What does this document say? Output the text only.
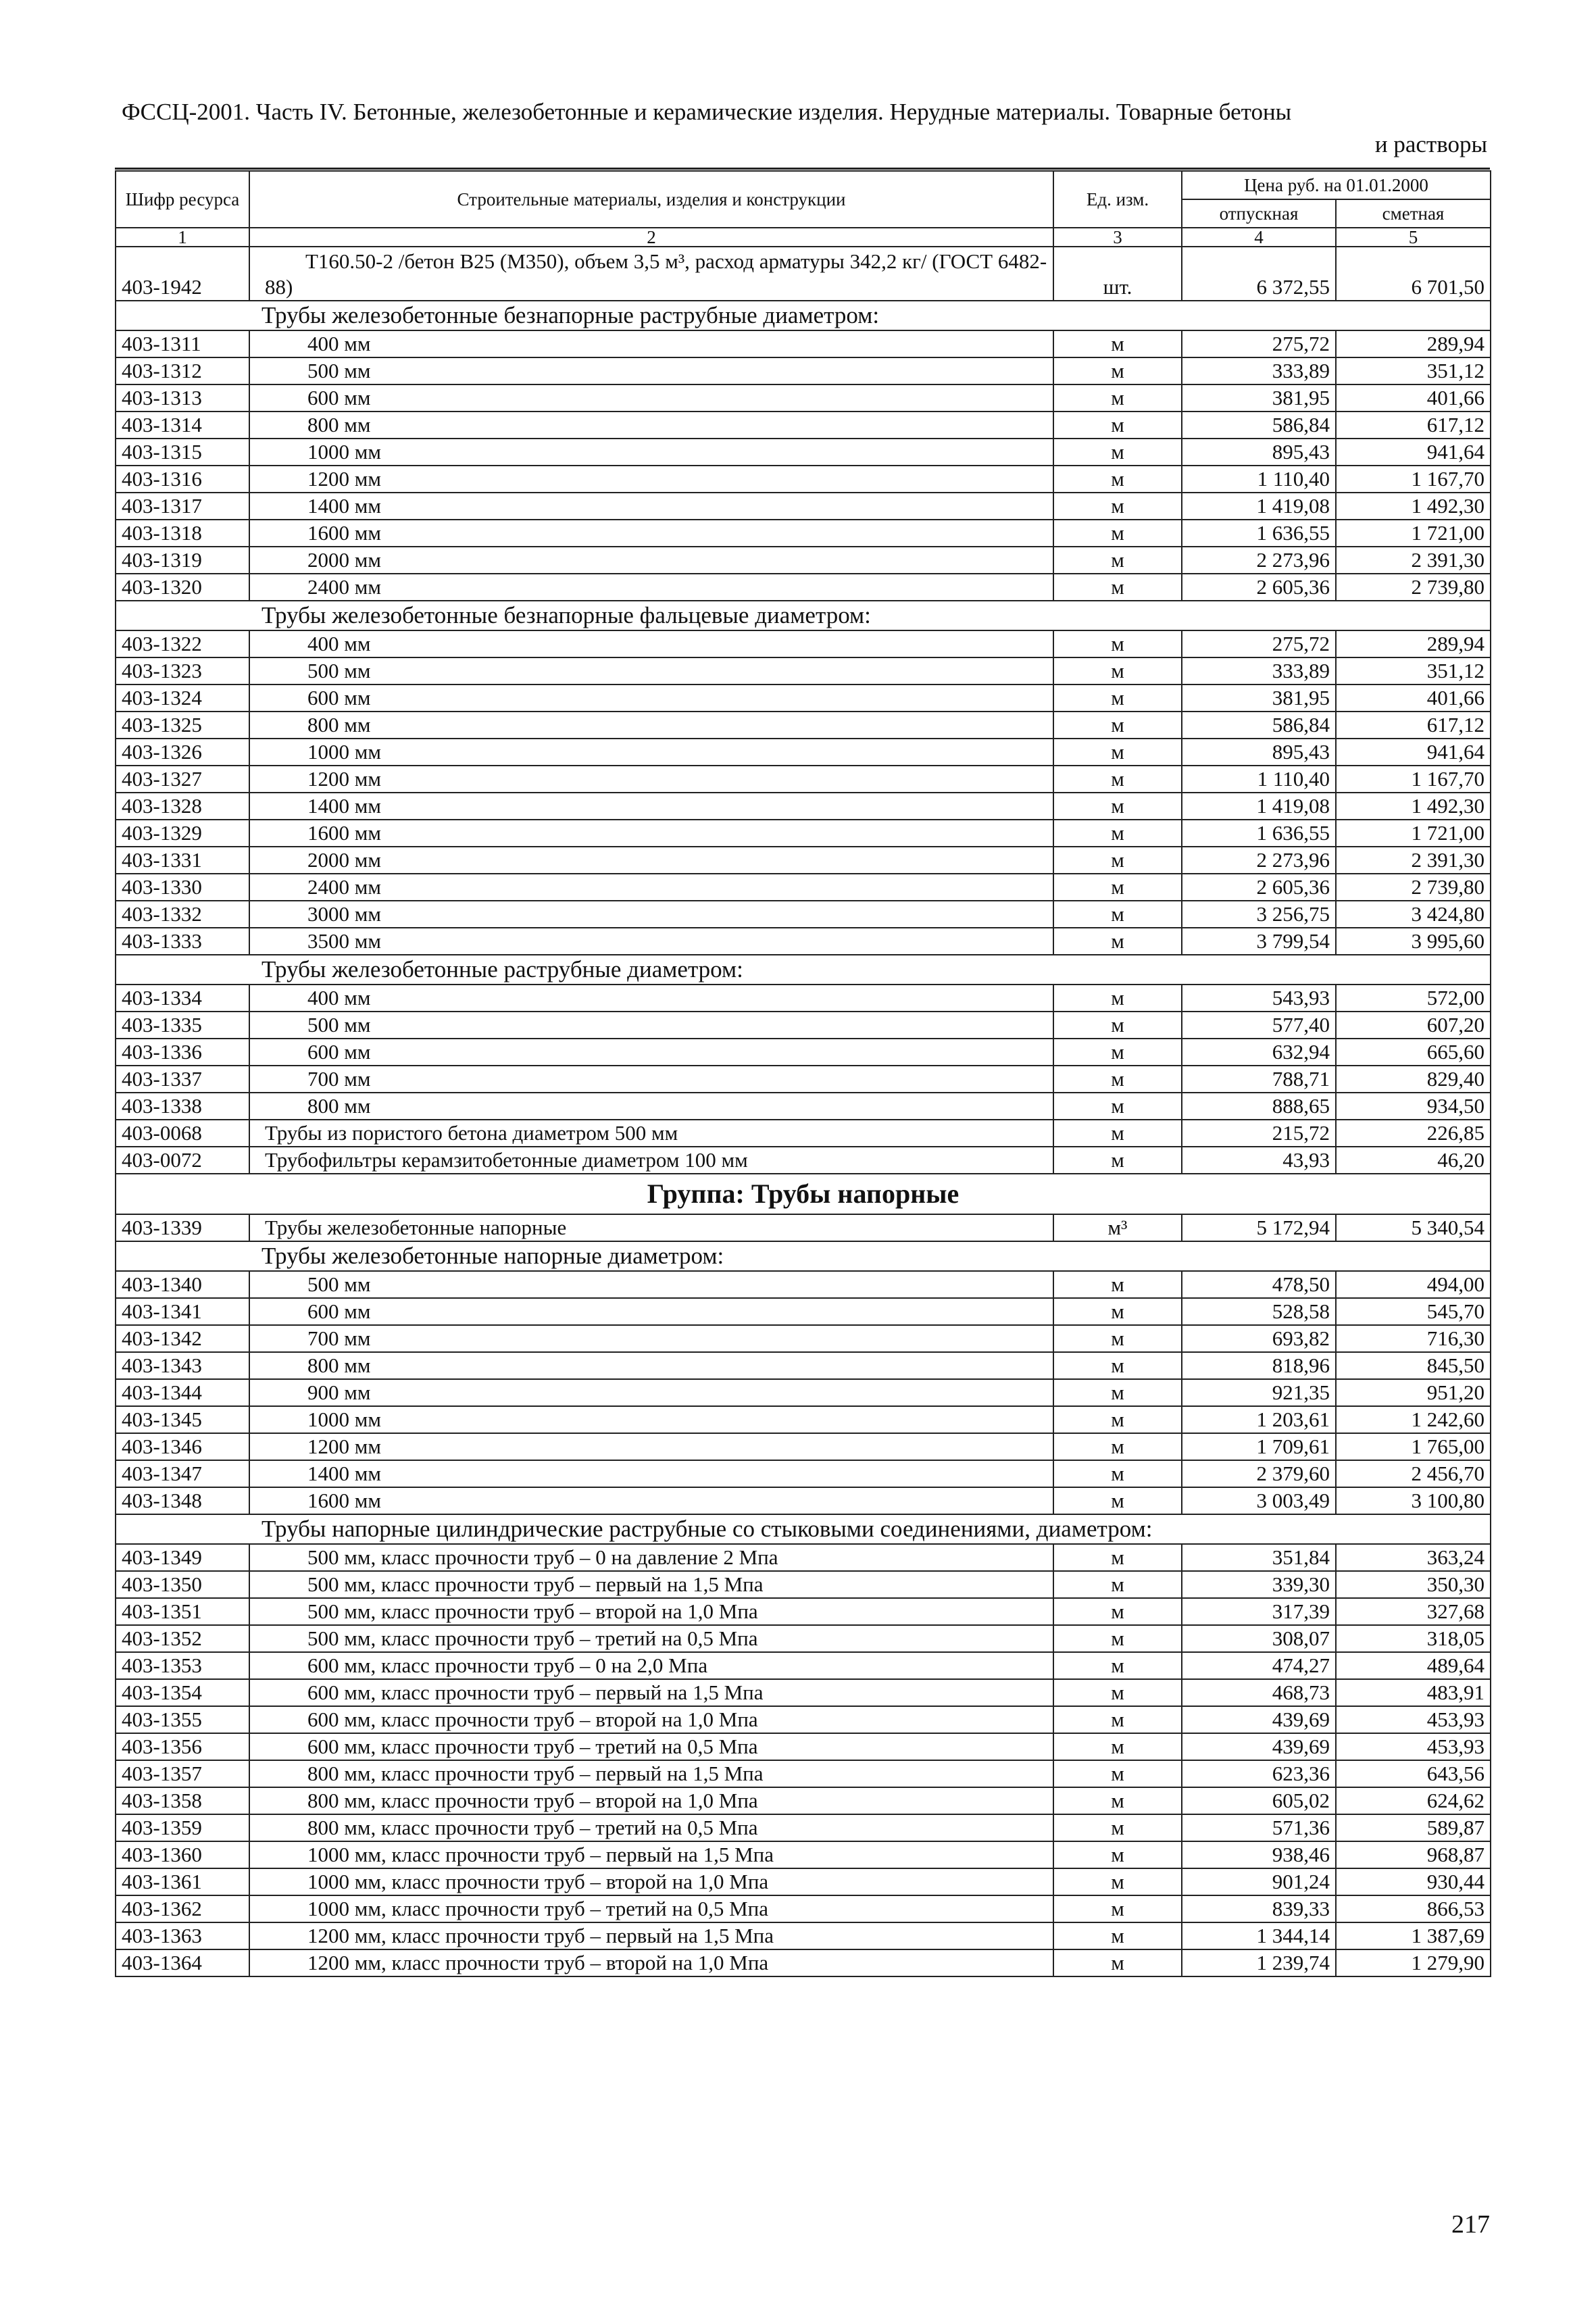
ФССЦ-2001. Часть IV. Бетонные, железобетонные и керамические изделия. Нерудные материалы. Товарные бетоны
и растворы
Шифр ресурса	Строительные материалы, изделия и конструкции	Ед. изм.	Цена руб. на 01.01.2000	
			отпускная	сметная
1	2	3	4	5
403-1942	Т160.50-2 /бетон В25 (М350), объем 3,5 м³, расход арматуры 342,2 кг/ (ГОСТ 6482-88)	шт.	6 372,55	6 701,50
Трубы железобетонные безнапорные раструбные диаметром:				
403-1311	400 мм	м	275,72	289,94
403-1312	500 мм	м	333,89	351,12
403-1313	600 мм	м	381,95	401,66
403-1314	800 мм	м	586,84	617,12
403-1315	1000 мм	м	895,43	941,64
403-1316	1200 мм	м	1 110,40	1 167,70
403-1317	1400 мм	м	1 419,08	1 492,30
403-1318	1600 мм	м	1 636,55	1 721,00
403-1319	2000 мм	м	2 273,96	2 391,30
403-1320	2400 мм	м	2 605,36	2 739,80
Трубы железобетонные безнапорные фальцевые диаметром:				
403-1322	400 мм	м	275,72	289,94
403-1323	500 мм	м	333,89	351,12
403-1324	600 мм	м	381,95	401,66
403-1325	800 мм	м	586,84	617,12
403-1326	1000 мм	м	895,43	941,64
403-1327	1200 мм	м	1 110,40	1 167,70
403-1328	1400 мм	м	1 419,08	1 492,30
403-1329	1600 мм	м	1 636,55	1 721,00
403-1331	2000 мм	м	2 273,96	2 391,30
403-1330	2400 мм	м	2 605,36	2 739,80
403-1332	3000 мм	м	3 256,75	3 424,80
403-1333	3500 мм	м	3 799,54	3 995,60
Трубы железобетонные раструбные диаметром:				
403-1334	400 мм	м	543,93	572,00
403-1335	500 мм	м	577,40	607,20
403-1336	600 мм	м	632,94	665,60
403-1337	700 мм	м	788,71	829,40
403-1338	800 мм	м	888,65	934,50
403-0068	Трубы из пористого бетона диаметром 500 мм	м	215,72	226,85
403-0072	Трубофильтры керамзитобетонные диаметром 100 мм	м	43,93	46,20
Группа: Трубы напорные				
403-1339	Трубы железобетонные напорные	м³	5 172,94	5 340,54
Трубы железобетонные напорные диаметром:				
403-1340	500 мм	м	478,50	494,00
403-1341	600 мм	м	528,58	545,70
403-1342	700 мм	м	693,82	716,30
403-1343	800 мм	м	818,96	845,50
403-1344	900 мм	м	921,35	951,20
403-1345	1000 мм	м	1 203,61	1 242,60
403-1346	1200 мм	м	1 709,61	1 765,00
403-1347	1400 мм	м	2 379,60	2 456,70
403-1348	1600 мм	м	3 003,49	3 100,80
Трубы напорные цилиндрические раструбные со стыковыми соединениями, диаметром:				
403-1349	500 мм, класс прочности труб – 0 на давление 2 Мпа	м	351,84	363,24
403-1350	500 мм, класс прочности труб – первый на 1,5 Мпа	м	339,30	350,30
403-1351	500 мм, класс прочности труб – второй на 1,0 Мпа	м	317,39	327,68
403-1352	500 мм, класс прочности труб – третий на 0,5 Мпа	м	308,07	318,05
403-1353	600 мм, класс прочности труб – 0 на 2,0 Мпа	м	474,27	489,64
403-1354	600 мм, класс прочности труб – первый на 1,5 Мпа	м	468,73	483,91
403-1355	600 мм, класс прочности труб – второй на 1,0 Мпа	м	439,69	453,93
403-1356	600 мм, класс прочности труб – третий на 0,5 Мпа	м	439,69	453,93
403-1357	800 мм, класс прочности труб – первый на 1,5 Мпа	м	623,36	643,56
403-1358	800 мм, класс прочности труб – второй на 1,0 Мпа	м	605,02	624,62
403-1359	800 мм, класс прочности труб – третий на 0,5 Мпа	м	571,36	589,87
403-1360	1000 мм, класс прочности труб – первый на 1,5 Мпа	м	938,46	968,87
403-1361	1000 мм, класс прочности труб – второй на 1,0 Мпа	м	901,24	930,44
403-1362	1000 мм, класс прочности труб – третий на 0,5 Мпа	м	839,33	866,53
403-1363	1200 мм, класс прочности труб – первый на 1,5 Мпа	м	1 344,14	1 387,69
403-1364	1200 мм, класс прочности труб – второй на 1,0 Мпа	м	1 239,74	1 279,90
217
